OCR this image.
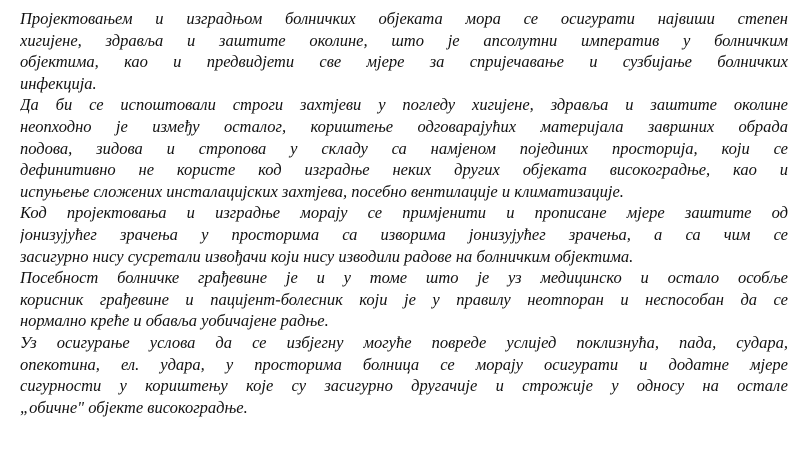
Пројектовањем и изградњом болничких објеката мора се осигурати највиши степен
хигијене, здравља и заштите околине, што је апсолутни императив у болничким
објектима, као и предвидјети све мјере за спријечавање и сузбијање болничких
инфекција.
Да би се испоштовали строги захтјеви у погледу хигијене, здравља и заштите околине
неопходно је између осталог, кориштење одговарајућих материјала завршних обрада
подова, зидова и стропова у складу са намјеном појединих просторија, који се
дефинитивно не користе код изградње неких других објеката високоградње, као и
испуњење сложених инсталацијских захтјева, посебно вентилације и климатизације.
Код пројектовања и изградње морају се примјенити и прописане мјере заштите од
јонизујућег зрачења у просторима са изворима јонизујућег зрачења, а са чим се
засигурно нису сусретали извођачи који нису изводили радове на болничким објектима.
Посебност болничке грађевине је и у томе што је уз медицинско и остало особље
корисник грађевине и пацијент-болесник који је у правилу неотпоран и неспособан да се
нормално креће и обавља уобичајене радње.
Уз осигурање услова да се избјегну могуће повреде услијед поклизнућа, пада, судара,
опекотина, ел. удара, у просторима болница се морају осигурати и додатне мјере
сигурности у кориштењу које су засигурно другачије и строжије у односу на остале
„обичне" објекте високоградње.
